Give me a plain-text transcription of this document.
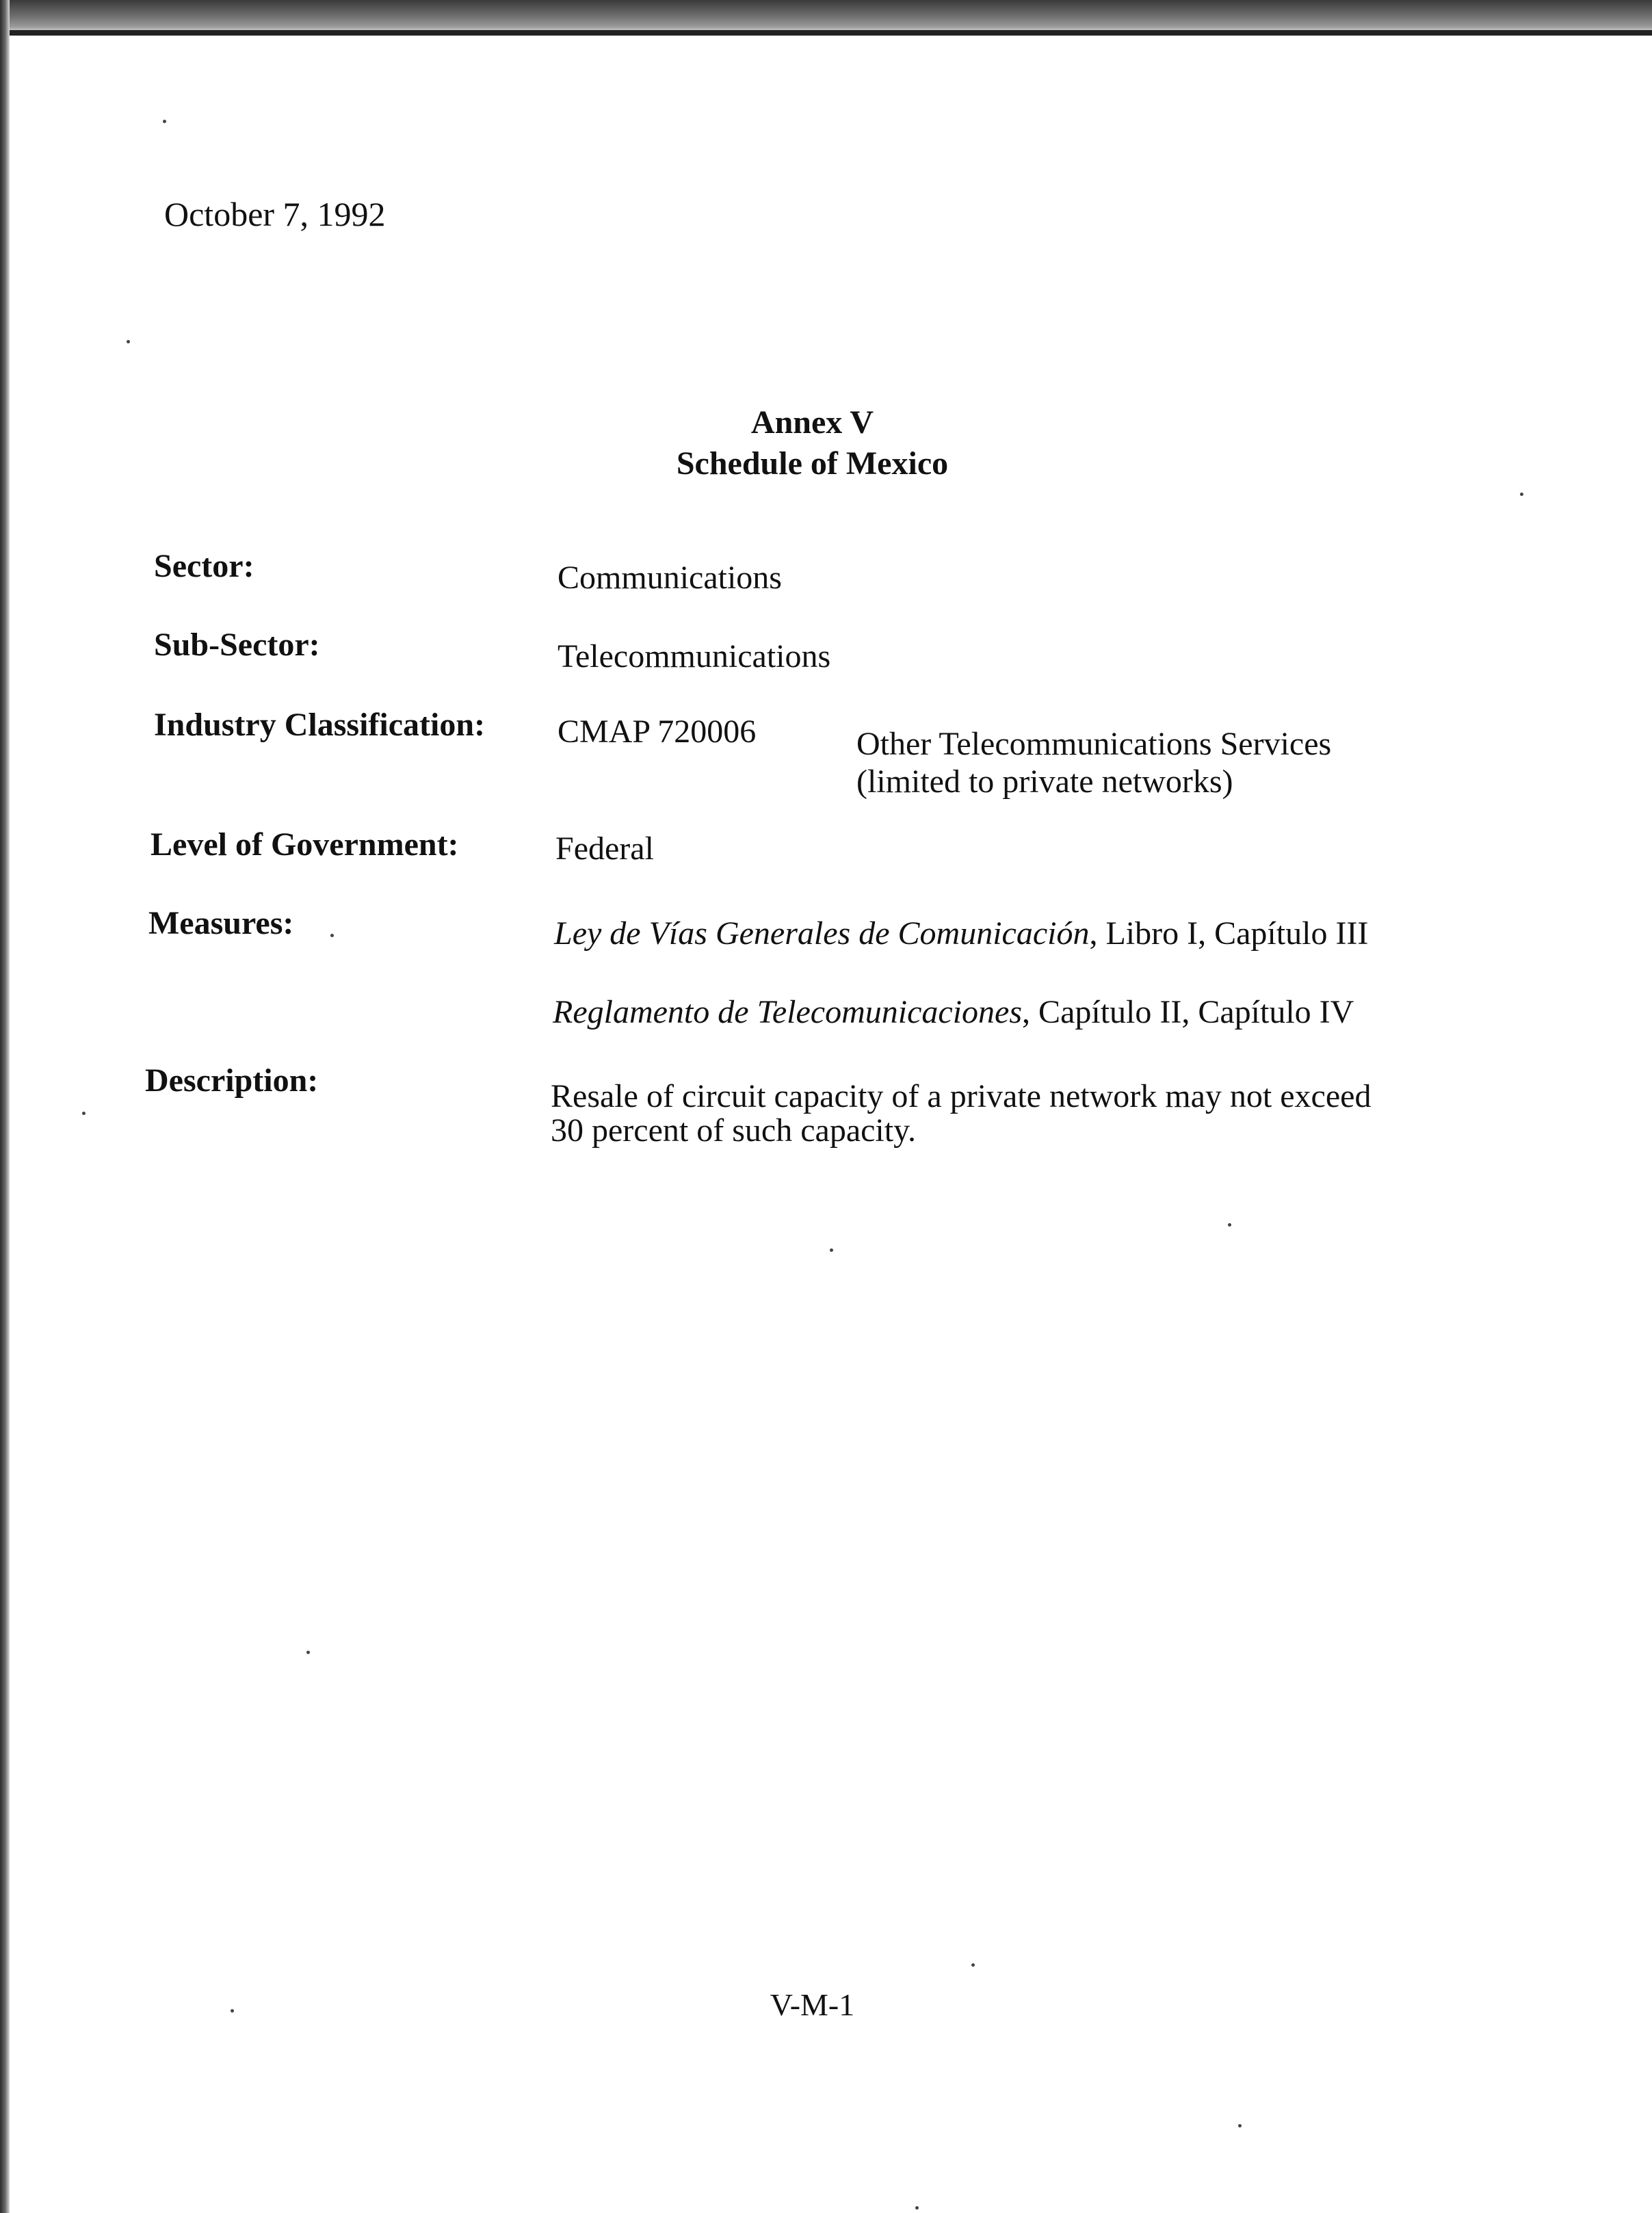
October 7, 1992
Annex V
Schedule of Mexico
Sector:	Communications
Sub-Sector:	Telecommunications
Industry Classification: CMAP 720006	Other Telecommunications Services
(limited to private networks)
Level of Government:	Federal
Measures:	Ley de Vías Generales de Comunicación, Libro I, Capítulo III
Reglamento de Telecomunicaciones, Capítulo II, Capítulo IV
Description:	Resale of circuit capacity of a private network may not exceed
30 percent of such capacity.
V-M-1
